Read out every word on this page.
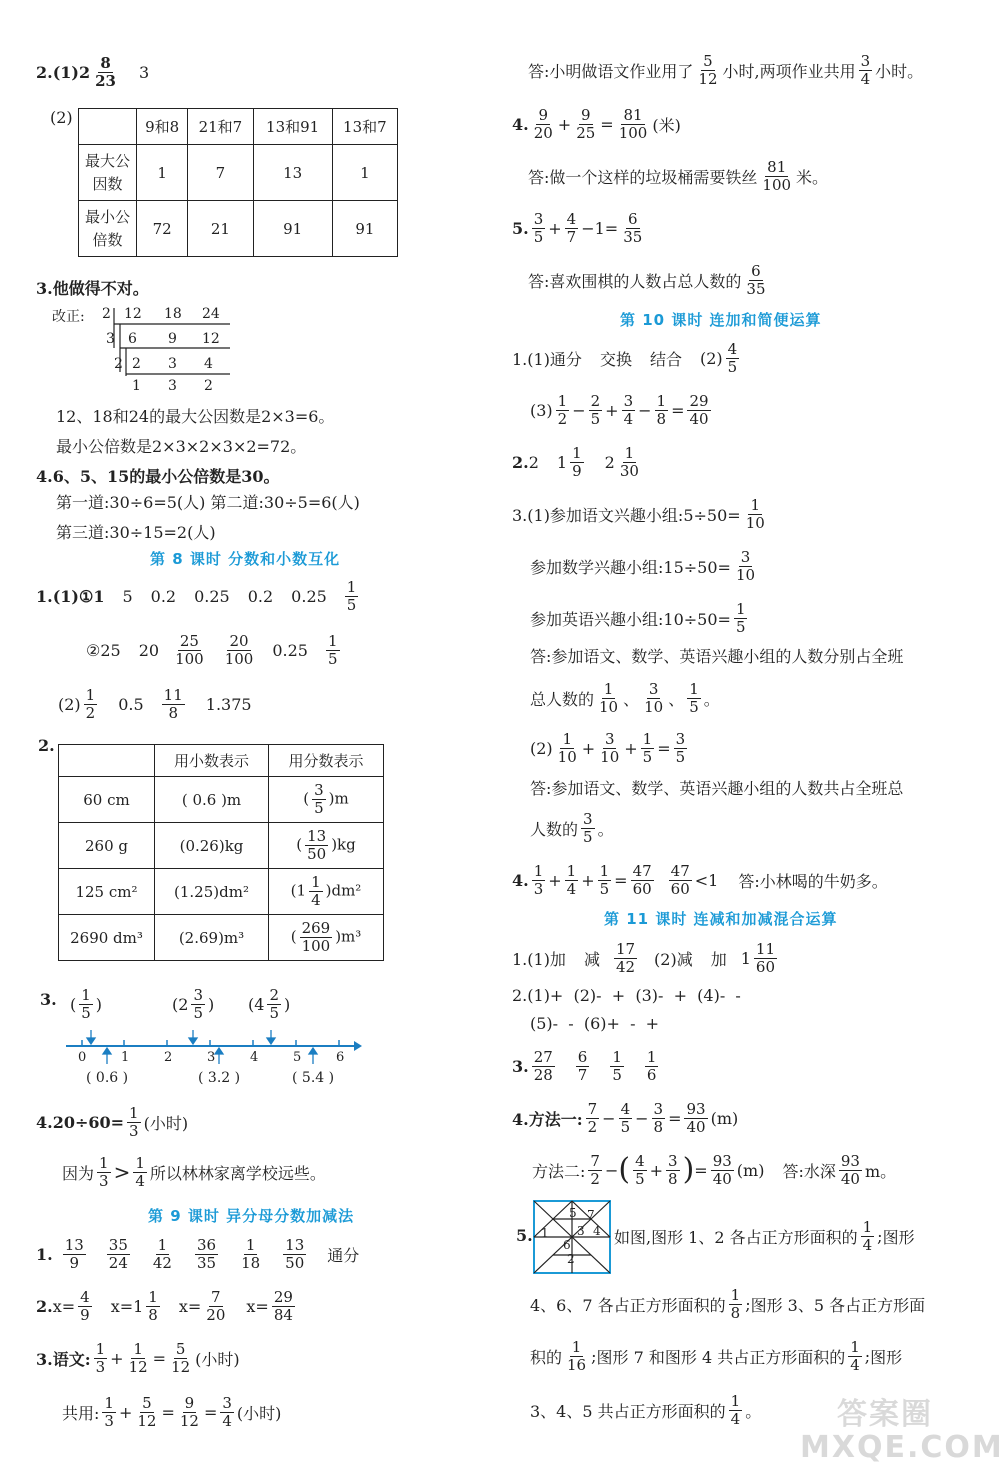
$2.(1)2 \frac{8}{23} 3$
(2)
		9和8	21和7	13和91	13和7
最大公
因数	1	7	13	1
最小公
倍数	72	21	91	91
3.他做得不对。
改正: 2
3
2
12 18 24
6 9 12
2 3 4
1 3 2
12、18和24的最大公因数是2×3=6。
最小公倍数是2×3×2×3×2=72。
4.6、5、15的最小公倍数是30。
第一道:30÷6=5(人) 第二道:30÷5=6(人)
第三道:30÷15=2(人)
第 8 课时 分数和小数互化
1.(1)①1 5 0.2 0.25 0.2 $0.25 \frac{1}{5}$
②25 $20 \frac{25}{100} \frac{20}{100} 0.25 \frac{1}{5}$
$(2) \frac{1}{2} 0.5 \frac{11}{8} 1.375$
2.
	用小数表示	用分数表示
60 cm	( 0.6 )m	( $\frac{3}{5} )m$
260 g	(0.26)kg	( $\frac{13}{50} )kg$
125 cm²	(1.25)dm²	$(1 \frac{1}{4} )dm^2$
2690 dm³	(2.69)m³	( $\frac{269}{100} )m^3$
3. ( $\frac{1}{5}$ )	( $2 \frac{3}{5}$ ) ( $4 \frac{2}{5}$ )
0	1	2	3	4	5	6
( 0.6 )	( 3.2 )	( 5.4 )
$4.20\div 60= \frac{1}{3}$ (小时)
因为 $\frac{1}{3} > \frac{1}{4}$ 所以林林家离学校远些。
第 9 课时 异分母分数加减法
1. $\frac{13}{9} \frac{35}{24} \frac{1}{42} \frac{36}{35} \frac{1}{18} \frac{13}{50}$ 通分
2. $x= \frac{4}{9} x=1 \frac{1}{8} x= \frac{7}{20} x= \frac{29}{84}$
3.语文: $\frac{1}{3} + \frac{1}{12} = \frac{5}{12}$ (小时)
共用: $\frac{1}{3} + \frac{5}{12} = \frac{9}{12} = \frac{3}{4}$ (小时)
答:小明做语文作业用了 $\frac{5}{12}$ 小时,两项作业共用 $\frac{3}{4}$ 小时。
4. $\frac{9}{20} + \frac{9}{25} = \frac{81}{100}$ (米)
答:做一个这样的垃圾桶需要铁丝 $\frac{81}{100}$ 米。
5. $\frac{3}{5} + \frac{4}{7} -1= \frac{6}{35}$
答:喜欢围棋的人数占总人数的 $\frac{6}{35}$
第 10 课时 连加和简便运算
1.(1)通分 交换 结合 $(2) \frac{4}{5}$
$(3) \frac{1}{2} - \frac{2}{5} + \frac{3}{4} - \frac{1}{8} = \frac{29}{40}$
2. 2 $1 \frac{1}{9} 2 \frac{1}{30}$
3.(1)参加语文兴趣小组:5÷50= $\frac{1}{10}$
参加数学兴趣小组:15÷50= $\frac{3}{10}$
参加英语兴趣小组:10÷50= $\frac{1}{5}$
答:参加语文、数学、英语兴趣小组的人数分别占全班
总人数的 $\frac{1}{10}$ 、 $\frac{3}{10}$ 、 $\frac{1}{5}$ 。
$(2) \frac{1}{10} + \frac{3}{10} + \frac{1}{5} = \frac{3}{5}$
答:参加语文、数学、英语兴趣小组的人数共占全班总
人数的 $\frac{3}{5}$ 。
4. $\frac{1}{3} + \frac{1}{4} + \frac{1}{5} = \frac{47}{60} \frac{47}{60} <1$ 答:小林喝的牛奶多。
第 11 课时 连减和加减混合运算
1.(1)加 减 $\frac{17}{42} (2)$减 加 $1 \frac{11}{60}$
2.(1)+  (2)-  +  (3)-  +  (4)-  -
(5)-  -  (6)+  -  +
3. $\frac{27}{28} \frac{6}{7} \frac{1}{5} \frac{1}{6}$
4.方法一: $\frac{7}{2} - \frac{4}{5} - \frac{3}{8} = \frac{93}{40} (m)$
方法二: $\frac{7}{2}$ − ( $\frac{4}{5} + \frac{3}{8}$ ) = $\frac{93}{40} (m)$ 答:水深 $\frac{93}{40}$ m。
5. 1
2
3 4
5
6
7
如图,图形 1、2 各占正方形面积的 $\frac{1}{4}$ ; 图形
4、6、7 各占正方形面积的 $\frac{1}{8}$ ; 图形 3、5 各占正方形面
积的 $\frac{1}{16}$ ; 图形 7 和图形 4 共占正方形面积的 $\frac{1}{4}$ ; 图形
3、4、5 共占正方形面积的 $\frac{1}{4}$ 。	答案圈 MXQE.COM
